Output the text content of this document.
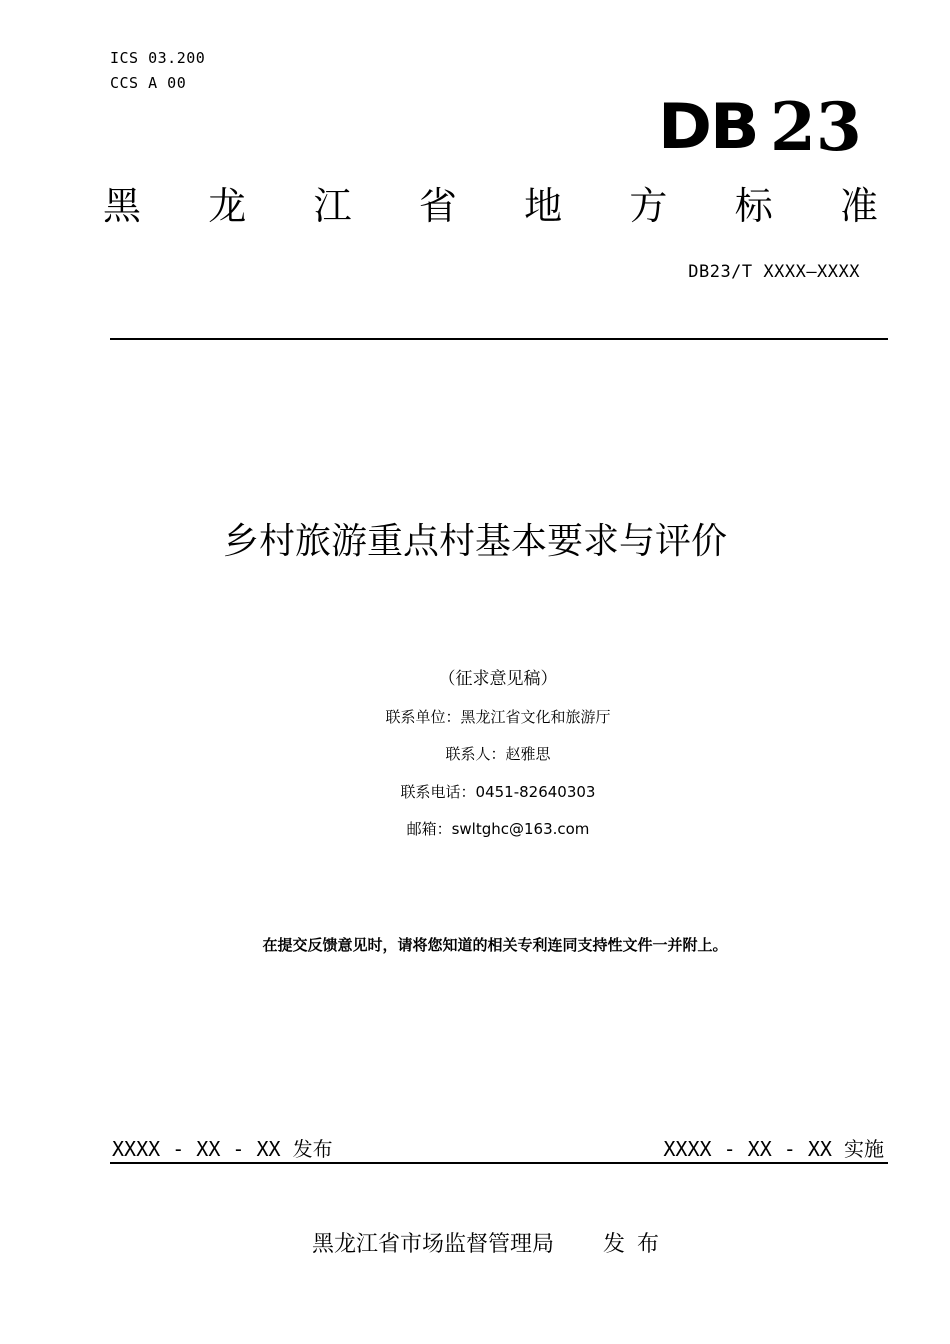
ICS 03.200
CCS A 00
DB 23
黑 龙 江 省 地 方 标 准
DB23/T XXXX—XXXX
乡村旅游重点村基本要求与评价
（征求意见稿）
联系单位：黑龙江省文化和旅游厅
联系人：赵雅思
联系电话：0451-82640303
邮箱：swltghc@163.com
在提交反馈意见时，请将您知道的相关专利连同支持性文件一并附上。
XXXX - XX - XX 发布	XXXX - XX - XX 实施
黑龙江省市场监督管理局 发布
